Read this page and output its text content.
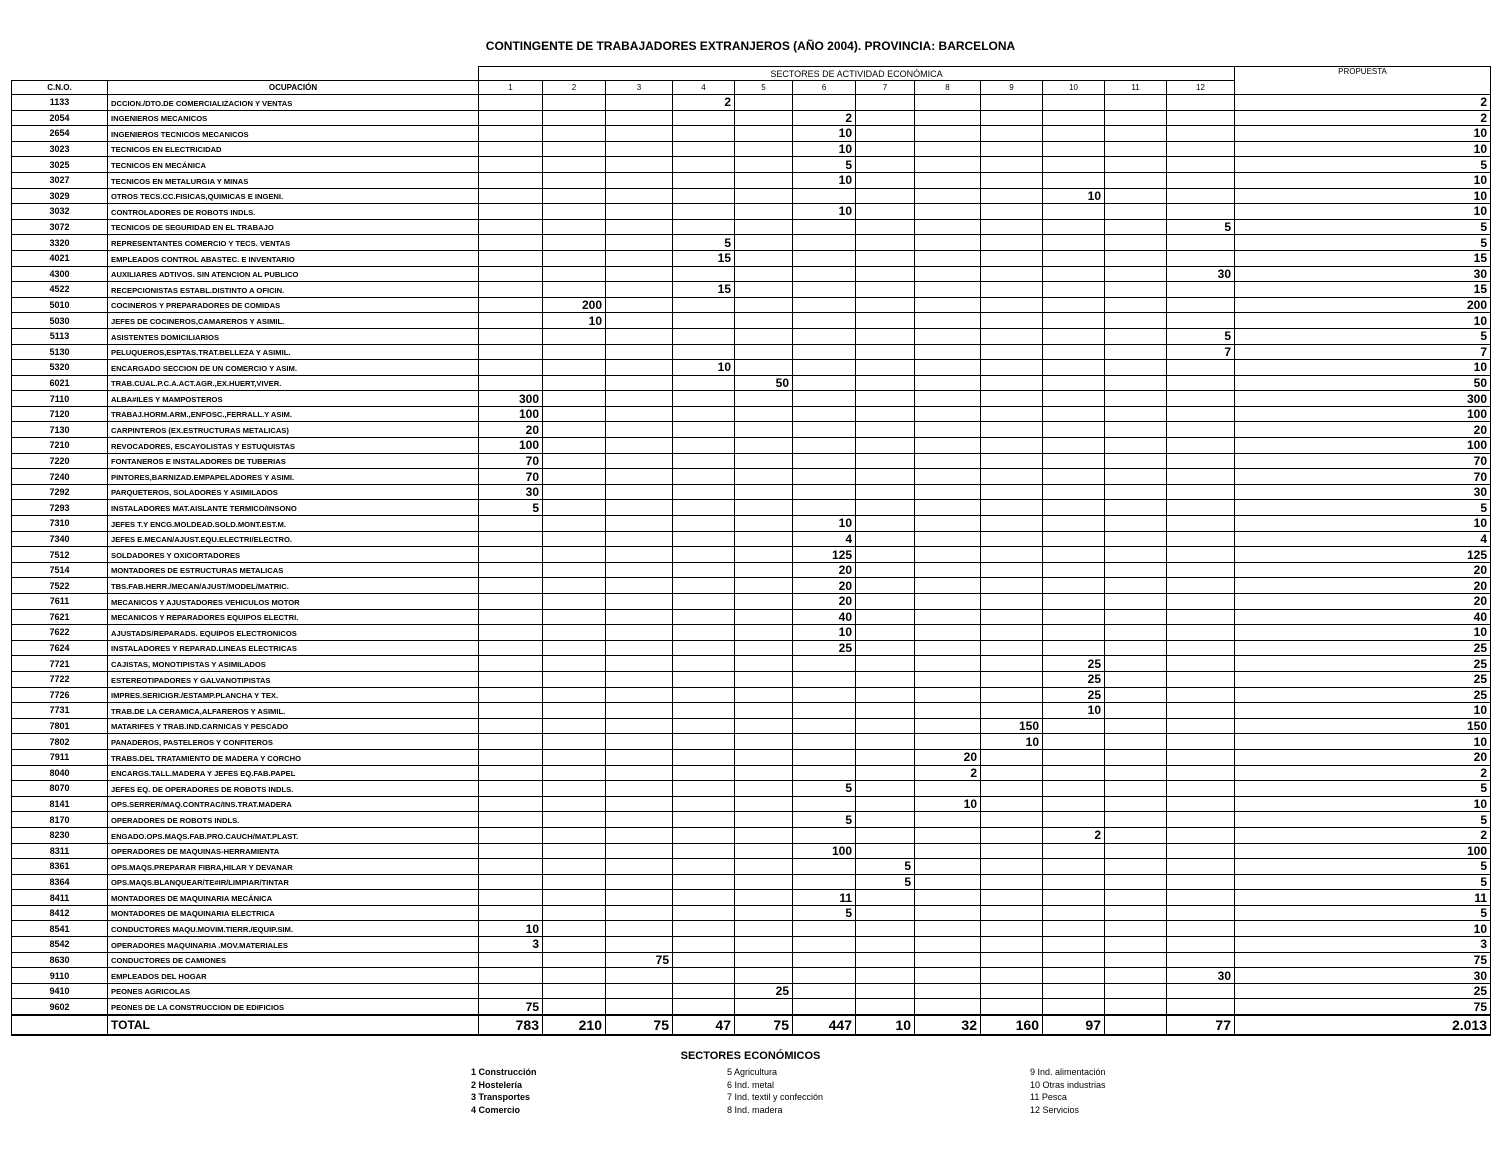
CONTINGENTE DE TRABAJADORES EXTRANJEROS (AÑO 2004). PROVINCIA: BARCELONA
		SECTORES DE ACTIVIDAD ECONÓMICA												PROPUESTA
C.N.O.	OCUPACIÓN	1	2	3	4	5	6	7	8	9	10	11	12	
1133	DCCION./DTO.DE COMERCIALIZACION Y VENTAS				2									2
2054	INGENIEROS MECANICOS						2							2
2654	INGENIEROS TECNICOS MECANICOS						10							10
3023	TECNICOS EN ELECTRICIDAD						10							10
3025	TECNICOS EN MECÁNICA						5							5
3027	TECNICOS EN METALURGIA Y MINAS						10							10
3029	OTROS TECS.CC.FISICAS,QUIMICAS E INGENI.										10			10
3032	CONTROLADORES DE ROBOTS INDLS.						10							10
3072	TECNICOS DE SEGURIDAD EN EL TRABAJO												5	5
3320	REPRESENTANTES COMERCIO Y TECS. VENTAS				5									5
4021	EMPLEADOS CONTROL ABASTEC. E INVENTARIO				15									15
4300	AUXILIARES ADTIVOS. SIN ATENCION AL PUBLICO												30	30
4522	RECEPCIONISTAS ESTABL.DISTINTO A OFICIN.				15									15
5010	COCINEROS Y PREPARADORES DE COMIDAS		200											200
5030	JEFES DE COCINEROS,CAMAREROS Y ASIMIL.		10											10
5113	ASISTENTES DOMICILIARIOS												5	5
5130	PELUQUEROS,ESPTAS.TRAT.BELLEZA Y ASIMIL.												7	7
5320	ENCARGADO SECCION DE UN COMERCIO Y ASIM.				10									10
6021	TRAB.CUAL.P.C.A.ACT.AGR.,EX.HUERT,VIVER.					50								50
7110	ALBA#ILES Y MAMPOSTEROS	300												300
7120	TRABAJ.HORM.ARM.,ENFOSC.,FERRALL.Y ASIM.	100												100
7130	CARPINTEROS (EX.ESTRUCTURAS METALICAS)	20												20
7210	REVOCADORES, ESCAYOLISTAS Y ESTUQUISTAS	100												100
7220	FONTANEROS E INSTALADORES DE TUBERIAS	70												70
7240	PINTORES,BARNIZAD.EMPAPELADORES Y ASIMI.	70												70
7292	PARQUETEROS, SOLADORES Y ASIMILADOS	30												30
7293	INSTALADORES MAT.AISLANTE TERMICO/INSONO	5												5
7310	JEFES T.Y ENCG.MOLDEAD.SOLD.MONT.EST.M.						10							10
7340	JEFES E.MECAN/AJUST.EQU.ELECTRI/ELECTRO.						4							4
7512	SOLDADORES Y OXICORTADORES						125							125
7514	MONTADORES DE ESTRUCTURAS METALICAS						20							20
7522	TBS.FAB.HERR./MECAN/AJUST/MODEL/MATRIC.						20							20
7611	MECANICOS Y AJUSTADORES VEHICULOS MOTOR						20							20
7621	MECANICOS Y REPARADORES EQUIPOS ELECTRI.						40							40
7622	AJUSTADS/REPARADS. EQUIPOS ELECTRONICOS						10							10
7624	INSTALADORES Y REPARAD.LINEAS ELECTRICAS						25							25
7721	CAJISTAS, MONOTIPISTAS Y ASIMILADOS										25			25
7722	ESTEREOTIPADORES Y GALVANOTIPISTAS										25			25
7726	IMPRES.SERICIGR./ESTAMP.PLANCHA Y TEX.										25			25
7731	TRAB.DE LA CERAMICA,ALFAREROS Y ASIMIL.										10			10
7801	MATARIFES Y TRAB.IND.CARNICAS Y PESCADO									150				150
7802	PANADEROS, PASTELEROS Y CONFITEROS									10				10
7911	TRABS.DEL TRATAMIENTO DE MADERA Y CORCHO								20					20
8040	ENCARGS.TALL.MADERA Y JEFES EQ.FAB.PAPEL								2					2
8070	JEFES EQ. DE OPERADORES DE ROBOTS INDLS.						5							5
8141	OPS.SERRER/MAQ.CONTRAC/INS.TRAT.MADERA								10					10
8170	OPERADORES DE ROBOTS INDLS.						5							5
8230	ENGADO.OPS.MAQS.FAB.PRO.CAUCH/MAT.PLAST.										2			2
8311	OPERADORES DE MAQUINAS-HERRAMIENTA						100							100
8361	OPS.MAQS.PREPARAR FIBRA,HILAR Y DEVANAR							5						5
8364	OPS.MAQS.BLANQUEAR/TE#IR/LIMPIAR/TINTAR							5						5
8411	MONTADORES DE MAQUINARIA MECÁNICA						11							11
8412	MONTADORES DE MAQUINARIA ELECTRICA						5							5
8541	CONDUCTORES MAQU.MOVIM.TIERR./EQUIP.SIM.	10												10
8542	OPERADORES MAQUINARIA .MOV.MATERIALES	3												3
8630	CONDUCTORES DE CAMIONES			75										75
9110	EMPLEADOS DEL HOGAR												30	30
9410	PEONES AGRICOLAS					25								25
9602	PEONES DE LA CONSTRUCCION DE EDIFICIOS	75												75
	TOTAL	783	210	75	47	75	447	10	32	160	97		77	2.013
SECTORES ECONÓMICOS
1 Construcción
2 Hostelería
3 Transportes
4 Comercio
5 Agricultura
6 Ind. metal
7 Ind. textil y confección
8 Ind. madera
9 Ind. alimentación
10 Otras industrias
11 Pesca
12 Servicios
